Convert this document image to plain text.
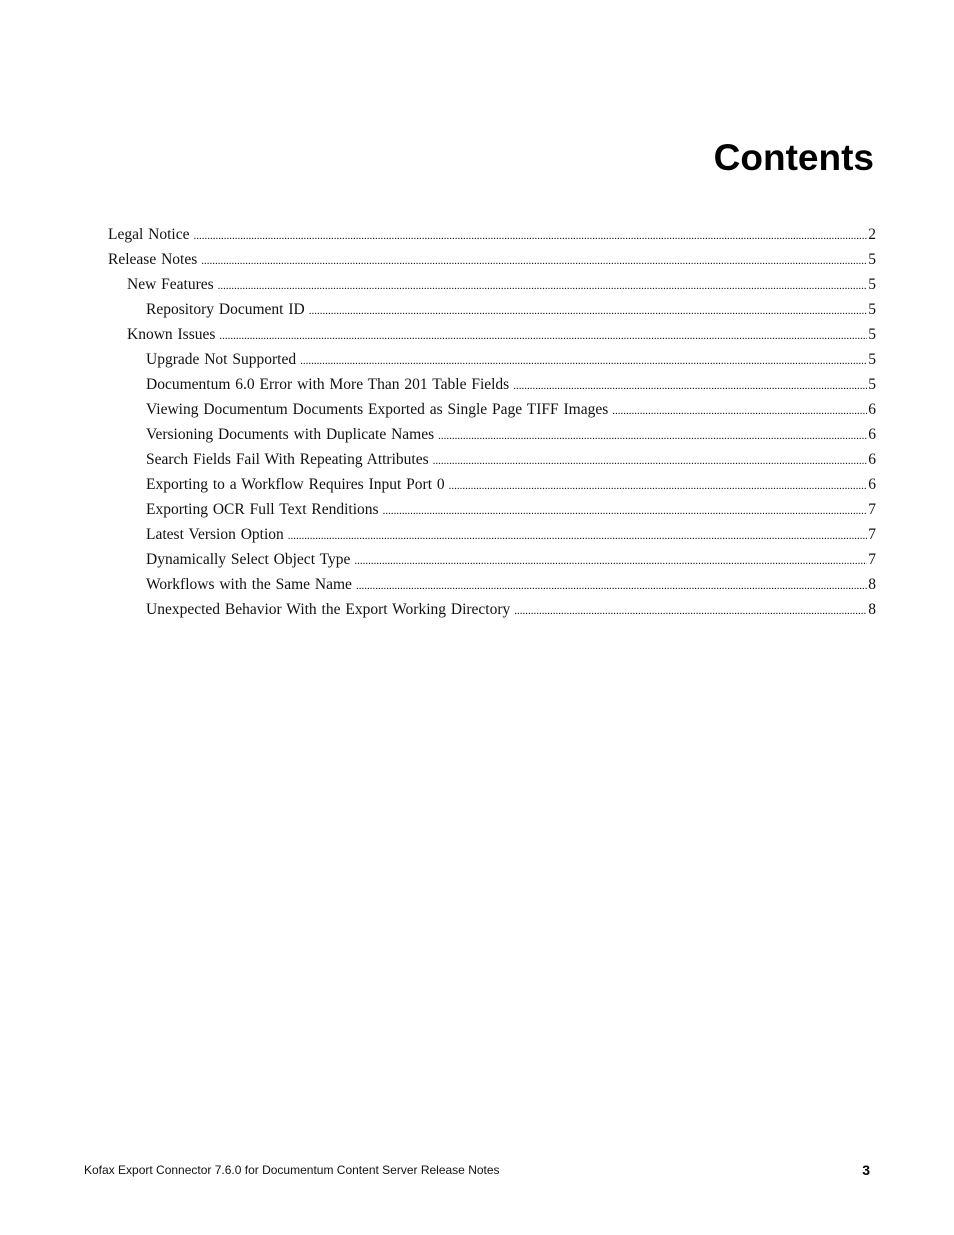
Contents
Legal Notice .....	2
Release Notes .....	5
New Features .....	5
Repository Document ID .....	5
Known Issues .....	5
Upgrade Not Supported .....	5
Documentum 6.0 Error with More Than 201 Table Fields .....	5
Viewing Documentum Documents Exported as Single Page TIFF Images .....	6
Versioning Documents with Duplicate Names .....	6
Search Fields Fail With Repeating Attributes .....	6
Exporting to a Workflow Requires Input Port 0 .....	6
Exporting OCR Full Text Renditions .....	7
Latest Version Option .....	7
Dynamically Select Object Type .....	7
Workflows with the Same Name .....	8
Unexpected Behavior With the Export Working Directory .....	8

Kofax Export Connector 7.6.0 for Documentum Content Server Release Notes	3
